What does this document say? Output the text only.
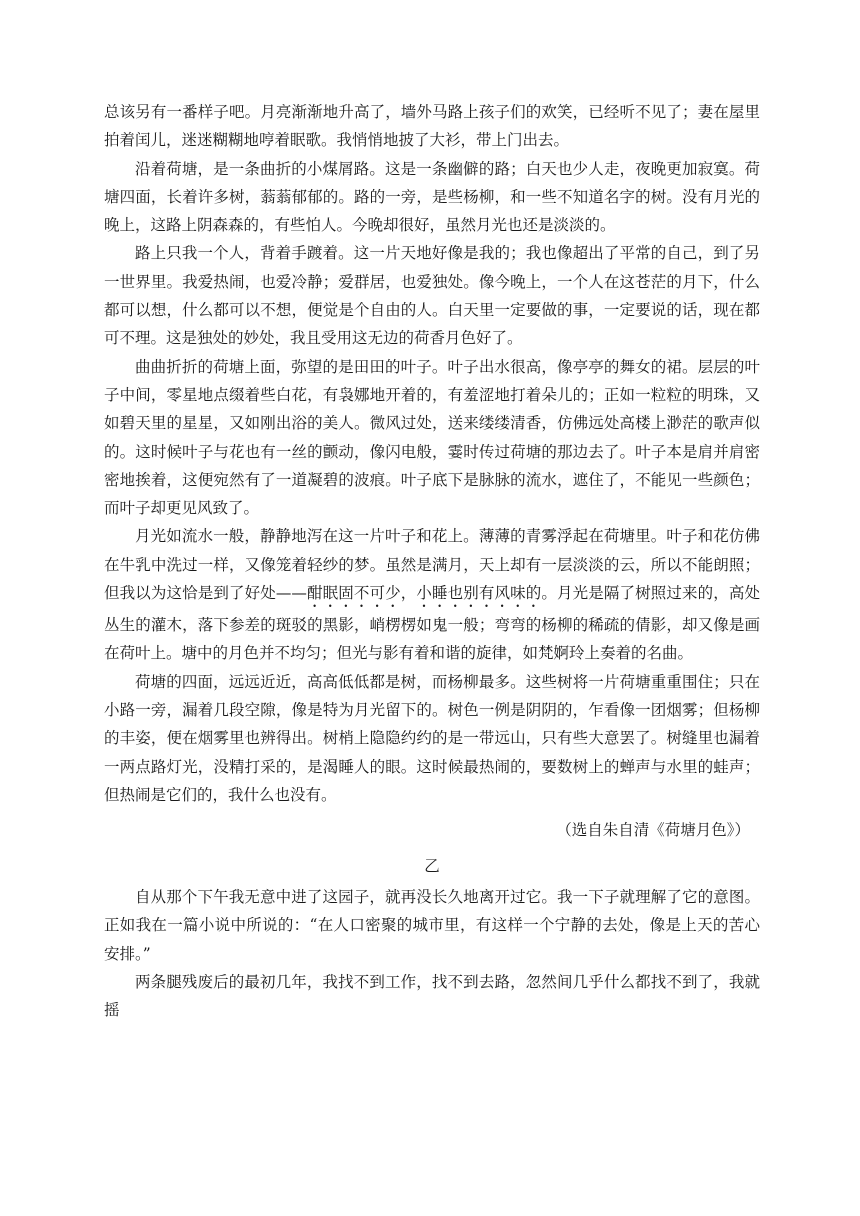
总该另有一番样子吧。月亮渐渐地升高了，墙外马路上孩子们的欢笑，已经听不见了；妻在屋里拍着闰儿，迷迷糊糊地哼着眠歌。我悄悄地披了大衫，带上门出去。

沿着荷塘，是一条曲折的小煤屑路。这是一条幽僻的路；白天也少人走，夜晚更加寂寞。荷塘四面，长着许多树，蓊蓊郁郁的。路的一旁，是些杨柳，和一些不知道名字的树。没有月光的晚上，这路上阴森森的，有些怕人。今晚却很好，虽然月光也还是淡淡的。

路上只我一个人，背着手踱着。这一片天地好像是我的；我也像超出了平常的自己，到了另一世界里。我爱热闹，也爱冷静；爱群居，也爱独处。像今晚上，一个人在这苍茫的月下，什么都可以想，什么都可以不想，便觉是个自由的人。白天里一定要做的事，一定要说的话，现在都可不理。这是独处的妙处，我且受用这无边的荷香月色好了。

曲曲折折的荷塘上面，弥望的是田田的叶子。叶子出水很高，像亭亭的舞女的裙。层层的叶子中间，零星地点缀着些白花，有袅娜地开着的，有羞涩地打着朵儿的；正如一粒粒的明珠，又如碧天里的星星，又如刚出浴的美人。微风过处，送来缕缕清香，仿佛远处高楼上渺茫的歌声似的。这时候叶子与花也有一丝的颤动，像闪电般，霎时传过荷塘的那边去了。叶子本是肩并肩密密地挨着，这便宛然有了一道凝碧的波痕。叶子底下是脉脉的流水，遮住了，不能见一些颜色；而叶子却更见风致了。

月光如流水一般，静静地泻在这一片叶子和花上。薄薄的青雾浮起在荷塘里。叶子和花仿佛在牛乳中洗过一样，又像笼着轻纱的梦。虽然是满月，天上却有一层淡淡的云，所以不能朗照；但我以为这恰是到了好处——酣眠固不可少，小睡也别有风味的。月光是隔了树照过来的，高处丛生的灌木，落下参差的斑驳的黑影，峭楞楞如鬼一般；弯弯的杨柳的稀疏的倩影，却又像是画在荷叶上。塘中的月色并不均匀；但光与影有着和谐的旋律，如梵婀玲上奏着的名曲。

荷塘的四面，远远近近，高高低低都是树，而杨柳最多。这些树将一片荷塘重重围住；只在小路一旁，漏着几段空隙，像是特为月光留下的。树色一例是阴阴的，乍看像一团烟雾；但杨柳的丰姿，便在烟雾里也辨得出。树梢上隐隐约约的是一带远山，只有些大意罢了。树缝里也漏着一两点路灯光，没精打采的，是渴睡人的眼。这时候最热闹的，要数树上的蝉声与水里的蛙声；但热闹是它们的，我什么也没有。

（选自朱自清《荷塘月色》）

乙

自从那个下午我无意中进了这园子，就再没长久地离开过它。我一下子就理解了它的意图。正如我在一篇小说中所说的：“在人口密聚的城市里，有这样一个宁静的去处，像是上天的苦心安排。”

两条腿残废后的最初几年，我找不到工作，找不到去路，忽然间几乎什么都找不到了，我就摇
